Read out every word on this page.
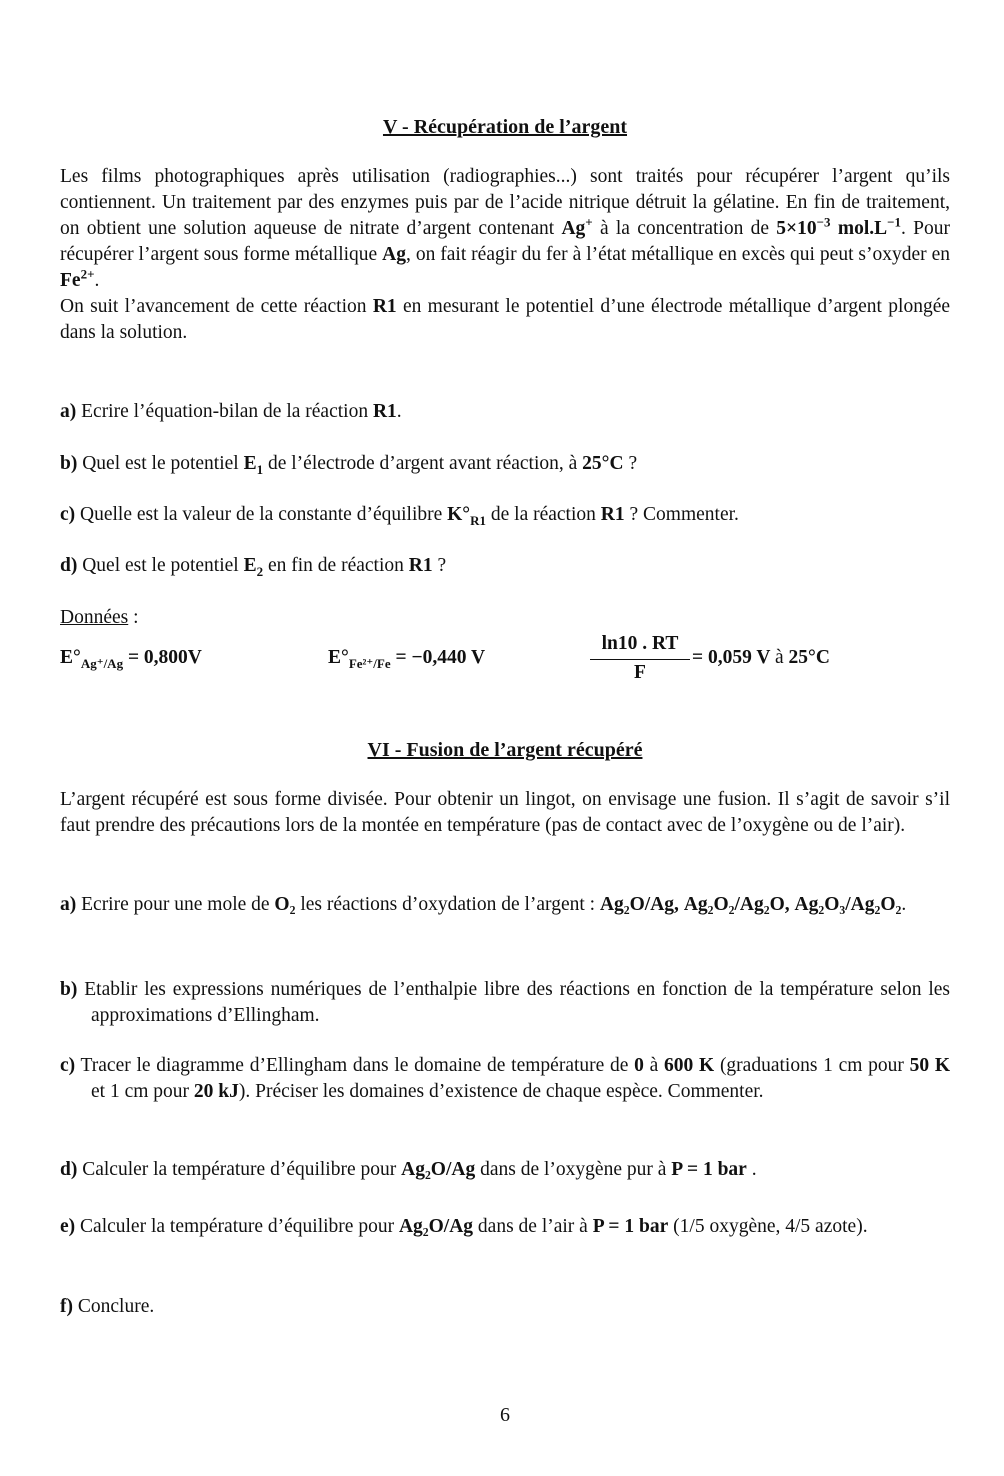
V - Récupération de l’argent
Les films photographiques après utilisation (radiographies...) sont traités pour récupérer l’argent qu’ils contiennent. Un traitement par des enzymes puis par de l’acide nitrique détruit la gélatine. En fin de traitement, on obtient une solution aqueuse de nitrate d’argent contenant Ag+ à la concentration de $5\times 10^{-3}$ $mol.L^{-1}$. Pour récupérer l’argent sous forme métallique Ag, on fait réagir du fer à l’état métallique en excès qui peut s’oxyder en $Fe^{2+}$.
On suit l’avancement de cette réaction R1 en mesurant le potentiel d’une électrode métallique d’argent plongée dans la solution.
a) Ecrire l’équation-bilan de la réaction R1.
b) Quel est le potentiel $E_1$ de l’électrode d’argent avant réaction, à 25°C ?
c) Quelle est la valeur de la constante d’équilibre $K^\circ_{R1}$ de la réaction R1 ? Commenter.
d) Quel est le potentiel $E_2$ en fin de réaction R1 ?
Données :
$E^\circ_{Ag^+/Ag} = 0,800V$	$E^\circ_{Fe^{2+}/Fe} = -0,440$ V	$\frac{\ln 10 . RT}{F} = 0,059$ V à 25°C
VI - Fusion de l’argent récupéré
L’argent récupéré est sous forme divisée. Pour obtenir un lingot, on envisage une fusion. Il s’agit de savoir s’il faut prendre des précautions lors de la montée en température (pas de contact avec de l’oxygène ou de l’air).
a) Ecrire pour une mole de O₂ les réactions d’oxydation de l’argent : Ag₂O/Ag, Ag₂O₂/Ag₂O, Ag₂O₃/Ag₂O₂.
b) Etablir les expressions numériques de l’enthalpie libre des réactions en fonction de la température selon les approximations d’Ellingham.
c) Tracer le diagramme d’Ellingham dans le domaine de température de 0 à 600 K (graduations 1 cm pour 50 K et 1 cm pour 20 kJ). Préciser les domaines d’existence de chaque espèce. Commenter.
d) Calculer la température d’équilibre pour Ag₂O/Ag dans de l’oxygène pur à P = 1 bar .
e) Calculer la température d’équilibre pour Ag₂O/Ag dans de l’air à P = 1 bar (1/5 oxygène, 4/5 azote).
f) Conclure.
6
